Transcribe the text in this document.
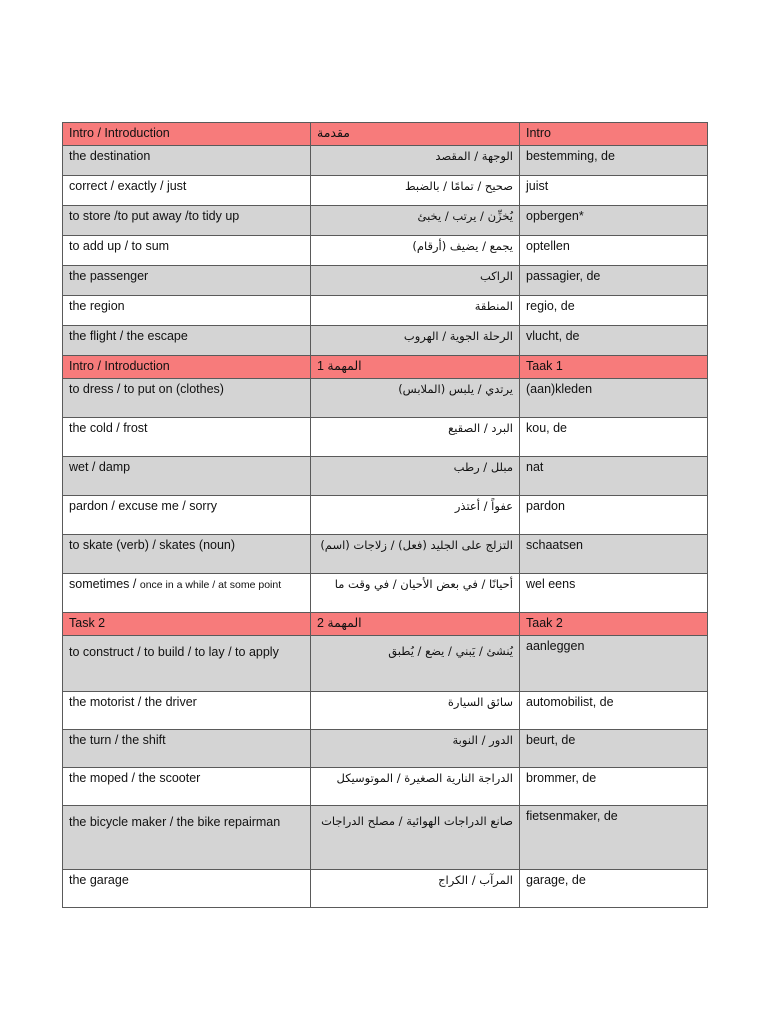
Intro / Introduction	مقدمة	Intro
the destination	الوجهة / المقصد	bestemming, de
correct / exactly / just	صحيح / تمامًا / بالضبط	juist
to store /to put away /to tidy up	يُخزِّن / يرتب / يخبئ	opbergen*
to add up / to sum	يجمع / يضيف (أرقام)	optellen
the passenger	الراكب	passagier, de
the region	المنطقة	regio, de
the flight / the escape	الرحلة الجوية / الهروب	vlucht, de
Intro / Introduction	المهمة 1	Taak 1
to dress / to put on (clothes)	يرتدي / يلبس (الملابس)	(aan)kleden
the cold / frost	البرد / الصقيع	kou, de
wet / damp	مبلل / رطب	nat
pardon / excuse me / sorry	عفواً / أعتذر	pardon
to skate (verb) / skates (noun)	التزلج على الجليد (فعل) / زلاجات (اسم)	schaatsen
sometimes / once in a while / at some point	أحيانًا / في بعض الأحيان / في وقت ما	wel eens
Task 2	المهمة 2	Taak 2
to construct / to build / to lay / to apply	يُنشئ / يَبني / يضع / يُطبق	aanleggen
the motorist / the driver	سائق السيارة	automobilist, de
the turn / the shift	الدور / النوبة	beurt, de
the moped / the scooter	الدراجة النارية الصغيرة / الموتوسيكل	brommer, de
the bicycle maker / the bike repairman	صانع الدراجات الهوائية / مصلح الدراجات	fietsenmaker, de
the garage	المرآب / الكراج	garage, de
